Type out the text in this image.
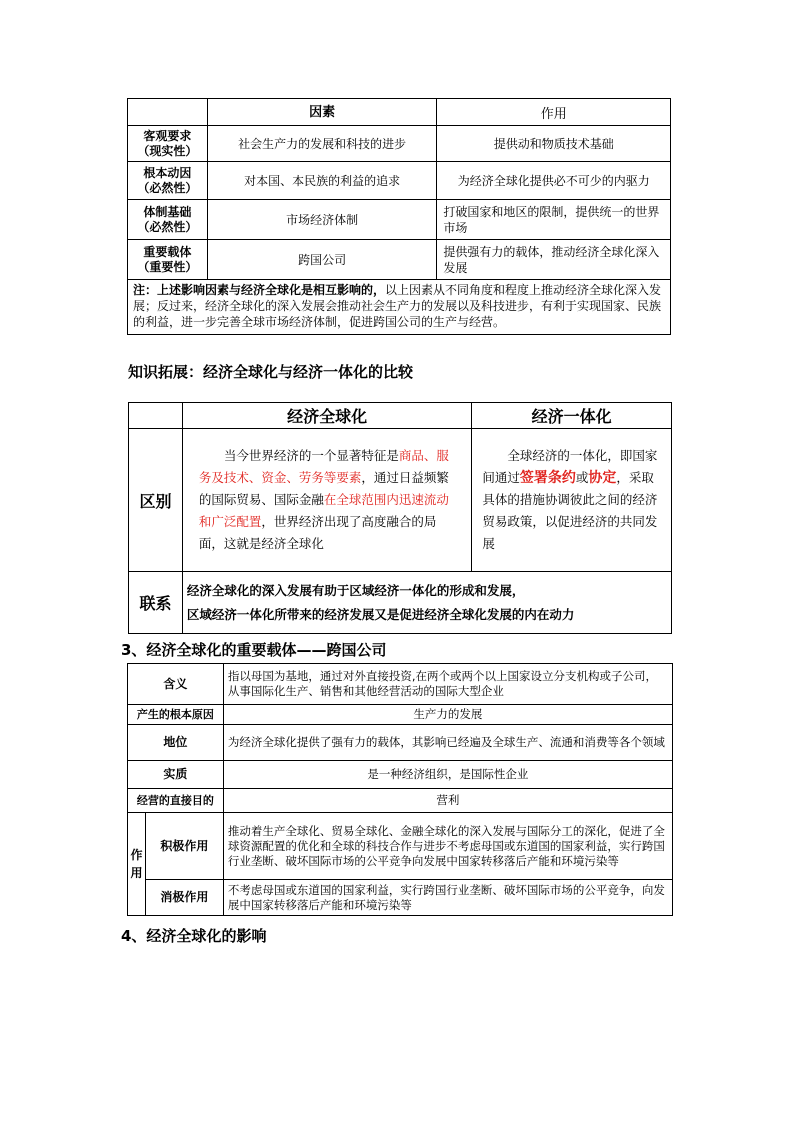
	因素	作用

客观要求
（现实性）	社会生产力的发展和科技的进步	提供动和物质技术基础

根本动因
（必然性）	对本国、本民族的利益的追求	为经济全球化提供必不可少的内驱力

体制基础
（必然性）	市场经济体制	打破国家和地区的限制，提供统一的世界市场

重要载体
（重要性）	跨国公司	提供强有力的载体，推动经济全球化深入发展
注：上述影响因素与经济全球化是相互影响的，以上因素从不同角度和程度上推动经济全球化深入发展；反过来，经济全球化的深入发展会推动社会生产力的发展以及科技进步，有利于实现国家、民族的利益，进一步完善全球市场经济体制，促进跨国公司的生产与经营。		
知识拓展：经济全球化与经济一体化的比较
	经济全球化	经济一体化
区别	当今世界经济的一个显著特征是商品、服务及技术、资金、劳务等要素，通过日益频繁的国际贸易、国际金融在全球范围内迅速流动和广泛配置，世界经济出现了高度融合的局面，这就是经济全球化	全球经济的一体化，即国家间通过签署条约或协定，采取具体的措施协调彼此之间的经济贸易政策，以促进经济的共同发展
联系	经济全球化的深入发展有助于区域经济一体化的形成和发展，
区域经济一体化所带来的经济发展又是促进经济全球化发展的内在动力	
3、经济全球化的重要载体——跨国公司
含义		指以母国为基地，通过对外直接投资,在两个或两个以上国家设立分支机构或子公司，从事国际化生产、销售和其他经营活动的国际大型企业
产生的根本原因		生产力的发展
地位		为经济全球化提供了强有力的载体，其影响已经遍及全球生产、流通和消费等各个领域
实质		是一种经济组织，是国际性企业
经营的直接目的		营利
作用	积极作用	推动着生产全球化、贸易全球化、金融全球化的深入发展与国际分工的深化，促进了全球资源配置的优化和全球的科技合作与进步不考虑母国或东道国的国家利益，实行跨国行业垄断、破坏国际市场的公平竞争向发展中国家转移落后产能和环境污染等
	消极作用	不考虑母国或东道国的国家利益，实行跨国行业垄断、破坏国际市场的公平竞争，向发展中国家转移落后产能和环境污染等
4、经济全球化的影响
